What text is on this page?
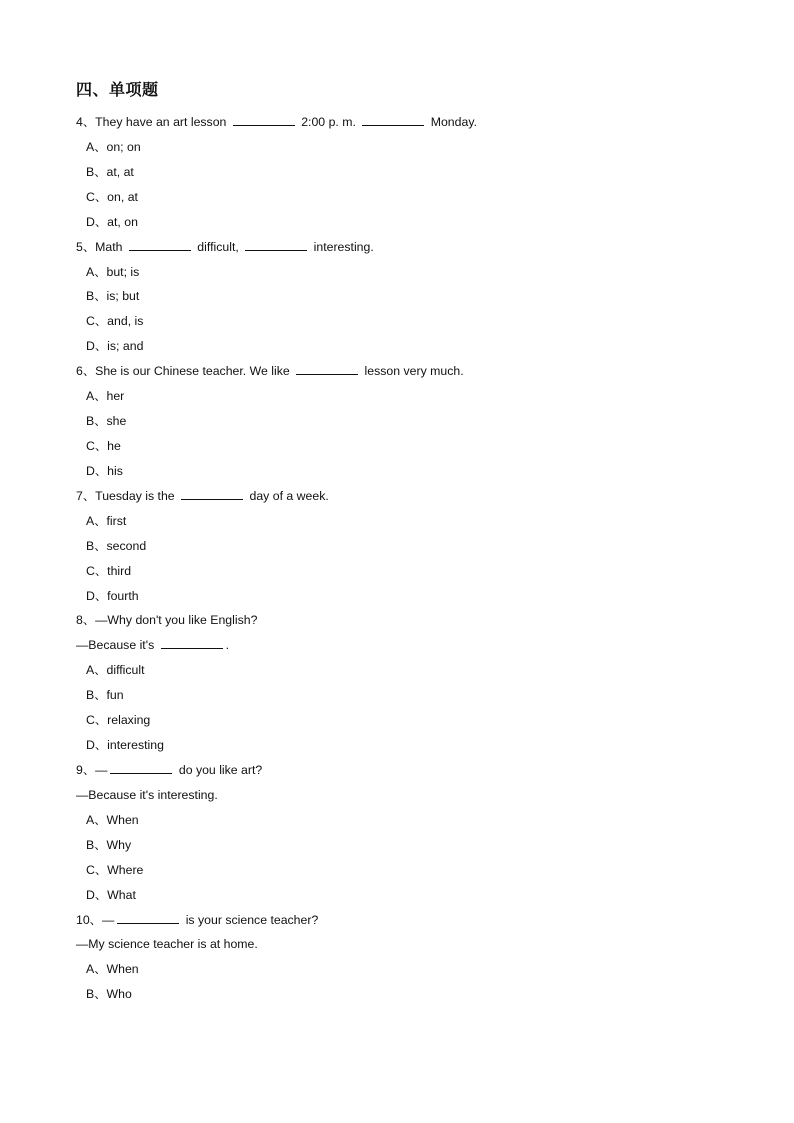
四、单项题
4、They have an art lesson	2:00 p. m.	Monday.
A、on; on
B、at, at
C、on, at
D、at, on
5、Math	difficult,	interesting.
A、but; is
B、is; but
C、and, is
D、is; and
6、She is our Chinese teacher. We like	lesson very much.
A、her
B、she
C、he
D、his
7、Tuesday is the	day of a week.
A、first
B、second
C、third
D、fourth
8、—Why don't you like English?
—Because it's	.
A、difficult
B、fun
C、relaxing
D、interesting
9、—	do you like art?
—Because it's interesting.
A、When
B、Why
C、Where
D、What
10、—	is your science teacher?
—My science teacher is at home.
A、When
B、Who
